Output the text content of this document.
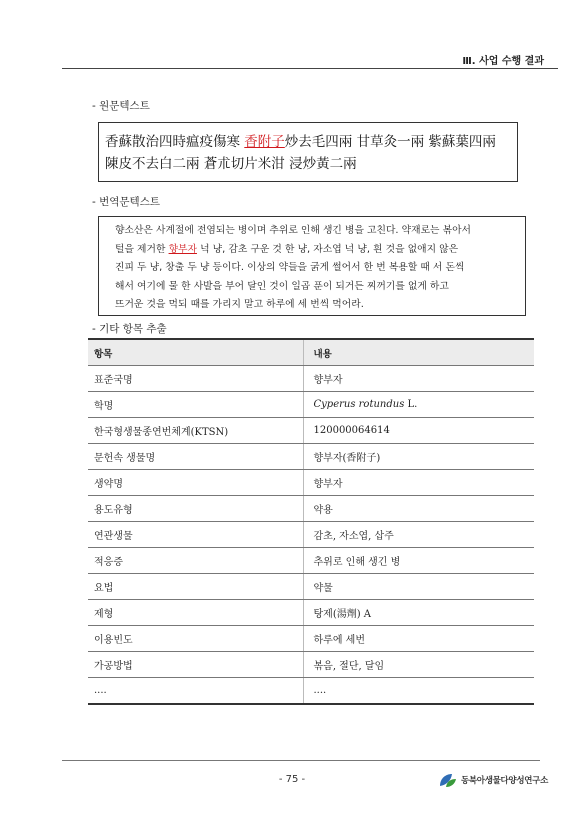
Ⅲ. 사업 수행 결과
- 원문텍스트
香蘇散治四時瘟疫傷寒 香附子炒去毛四兩 甘草灸一兩 紫蘇葉四兩
陳皮不去白二兩 蒼朮切片米泔 浸炒黃二兩
- 번역문텍스트
향소산은 사계절에 전염되는 병이며 추위로 인해 생긴 병을 고친다. 약재로는 볶아서
털을 제거한 향부자 넉 냥, 감초 구운 것 한 냥, 자소엽 넉 냥, 흰 것을 없애지 않은
진피 두 냥, 창출 두 냥 등이다. 이상의 약들을 굵게 썰어서 한 번 복용할 때 서 돈씩
해서 여기에 물 한 사발을 부어 달인 것이 일곱 푼이 되거든 찌꺼기를 없게 하고
뜨거운 것을 먹되 때를 가리지 말고 하루에 세 번씩 먹어라.
- 기타 항목 추출
항목	내용
표준국명	향부자
학명	Cyperus rotundus L.
한국형생물종연번체계(KTSN)	120000064614
문헌속 생물명	향부자(香附子)
생약명	향부자
용도유형	약용
연관생물	감초, 자소엽, 삽주
적응증	추위로 인해 생긴 병
요법	약물
제형	탕제(湯劑) A
이용빈도	하루에 세번
가공방법	볶음, 절단, 달임
....	....
- 75 -	동북아생물다양성연구소
